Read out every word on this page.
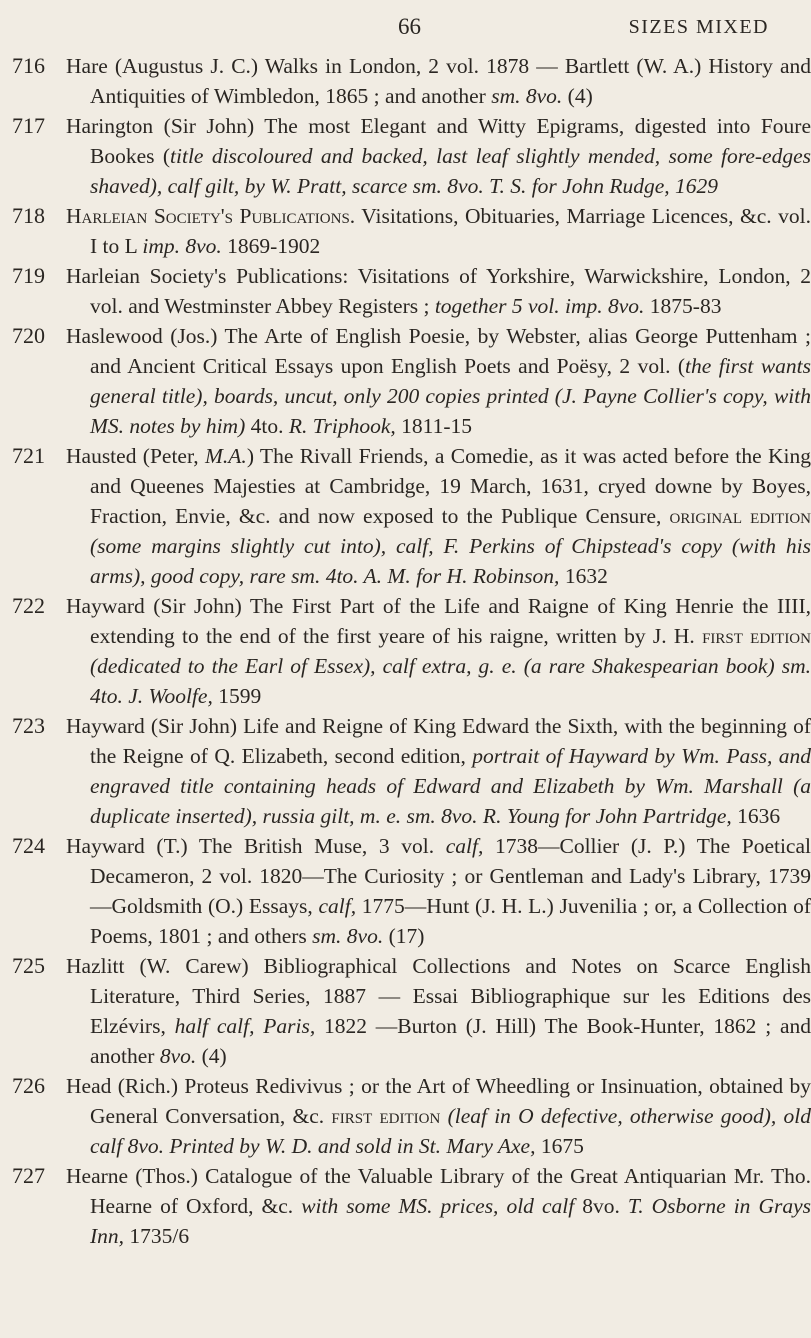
66	SIZES MIXED
716 Hare (Augustus J. C.) Walks in London, 2 vol. 1878 — Bartlett (W. A.) History and Antiquities of Wimbledon, 1865 ; and another sm. 8vo. (4)
717 Harington (Sir John) The most Elegant and Witty Epigrams, digested into Foure Bookes (title discoloured and backed, last leaf slightly mended, some fore-edges shaved), calf gilt, by W. Pratt, scarce sm. 8vo. T. S. for John Rudge, 1629
718 Harleian Society's Publications. Visitations, Obituaries, Marriage Licences, &c. vol. I to L imp. 8vo. 1869-1902
719 Harleian Society's Publications: Visitations of Yorkshire, Warwickshire, London, 2 vol. and Westminster Abbey Registers ; together 5 vol. imp. 8vo. 1875-83
720 Haslewood (Jos.) The Arte of English Poesie, by Webster, alias George Puttenham ; and Ancient Critical Essays upon English Poets and Poësy, 2 vol. (the first wants general title), boards, uncut, only 200 copies printed (J. Payne Collier's copy, with MS. notes by him) 4to. R. Triphook, 1811-15
721 Hausted (Peter, M.A.) The Rivall Friends, a Comedie, as it was acted before the King and Queenes Majesties at Cambridge, 19 March, 1631, cryed downe by Boyes, Fraction, Envie, &c. and now exposed to the Publique Censure, original edition (some margins slightly cut into), calf, F. Perkins of Chipstead's copy (with his arms), good copy, rare sm. 4to. A. M. for H. Robinson, 1632
722 Hayward (Sir John) The First Part of the Life and Raigne of King Henrie the IIII, extending to the end of the first yeare of his raigne, written by J. H. first edition (dedicated to the Earl of Essex), calf extra, g. e. (a rare Shakespearian book) sm. 4to. J. Woolfe, 1599
723 Hayward (Sir John) Life and Reigne of King Edward the Sixth, with the beginning of the Reigne of Q. Elizabeth, second edition, portrait of Hayward by Wm. Pass, and engraved title containing heads of Edward and Elizabeth by Wm. Marshall (a duplicate inserted), russia gilt, m. e. sm. 8vo. R. Young for John Partridge, 1636
724 Hayward (T.) The British Muse, 3 vol. calf, 1738—Collier (J. P.) The Poetical Decameron, 2 vol. 1820—The Curiosity ; or Gentleman and Lady's Library, 1739—Goldsmith (O.) Essays, calf, 1775—Hunt (J. H. L.) Juvenilia ; or, a Collection of Poems, 1801 ; and others sm. 8vo. (17)
725 Hazlitt (W. Carew) Bibliographical Collections and Notes on Scarce English Literature, Third Series, 1887 — Essai Bibliographique sur les Editions des Elzévirs, half calf, Paris, 1822 —Burton (J. Hill) The Book-Hunter, 1862 ; and another 8vo. (4)
726 Head (Rich.) Proteus Redivivus ; or the Art of Wheedling or Insinuation, obtained by General Conversation, &c. first edition (leaf in O defective, otherwise good), old calf 8vo. Printed by W. D. and sold in St. Mary Axe, 1675
727 Hearne (Thos.) Catalogue of the Valuable Library of the Great Antiquarian Mr. Tho. Hearne of Oxford, &c. with some MS. prices, old calf 8vo. T. Osborne in Grays Inn, 1735/6
